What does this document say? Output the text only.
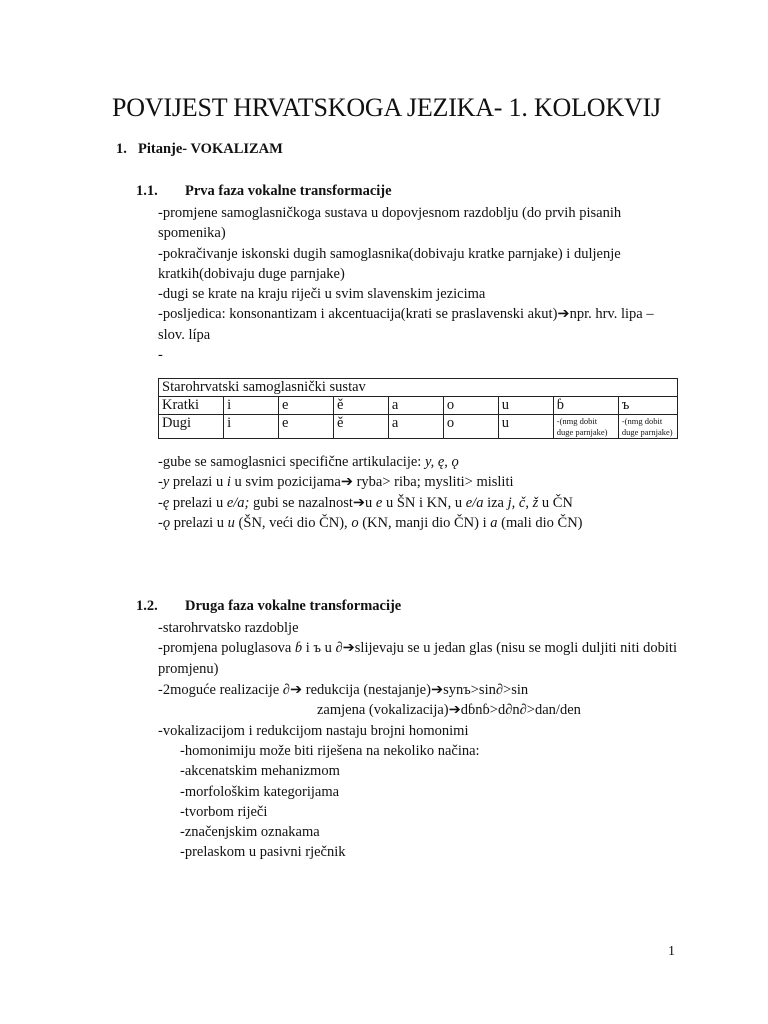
POVIJEST HRVATSKOGA JEZIKA- 1. KOLOKVIJ
1. Pitanje- VOKALIZAM
1.1. Prva faza vokalne transformacije

-promjene samoglasničkoga sustava u dopovjesnom razdoblju (do prvih pisanih spomenika)

-pokračivanje iskonski dugih samoglasnika(dobivaju kratke parnjake) i duljenje kratkih(dobivaju duge parnjake)

-dugi se krate na kraju riječi u svim slavenskim jezicima

-posljedica: konsonantizam i akcentuacija(krati se praslavenski akut)➔npr. hrv. lipa – slov. lípa

-

Starohrvatski samoglasnički sustav								
Kratki	i	e	ě	a	o	u	ɓ	ъ
Dugi	i	e	ě	a	o	u	-(nmg dobit duge parnjake)	-(nmg dobit duge parnjake)

-gube se samoglasnici specifične artikulacije: y, ę, ǫ

-y prelazi u i u svim pozicijama➔ ryba> riba; mysliti> misliti

-ę prelazi u e/a; gubi se nazalnost➔u e u ŠN i KN, u e/a iza j, č, ž u ČN

-ǫ prelazi u u (ŠN, veći dio ČN), o (KN, manji dio ČN) i a (mali dio ČN)

1.2. Druga faza vokalne transformacije

-starohrvatsko razdoblje

-promjena poluglasova ɓ i ъ u ∂➔slijevaju se u jedan glas (nisu se mogli duljiti niti dobiti promjenu)

-2moguće realizacije ∂➔ redukcija (nestajanje)➔synъ>sin∂>sin
zamjena (vokalizacija)➔dɓnɓ>d∂n∂>dan/den
-vokalizacijom i redukcijom nastaju brojni homonimi

-homonimiju može biti riješena na nekoliko načina:

-akcenatskim mehanizmom

-morfološkim kategorijama

-tvorbom riječi

-značenjskim oznakama

-prelaskom u pasivni rječnik

1
